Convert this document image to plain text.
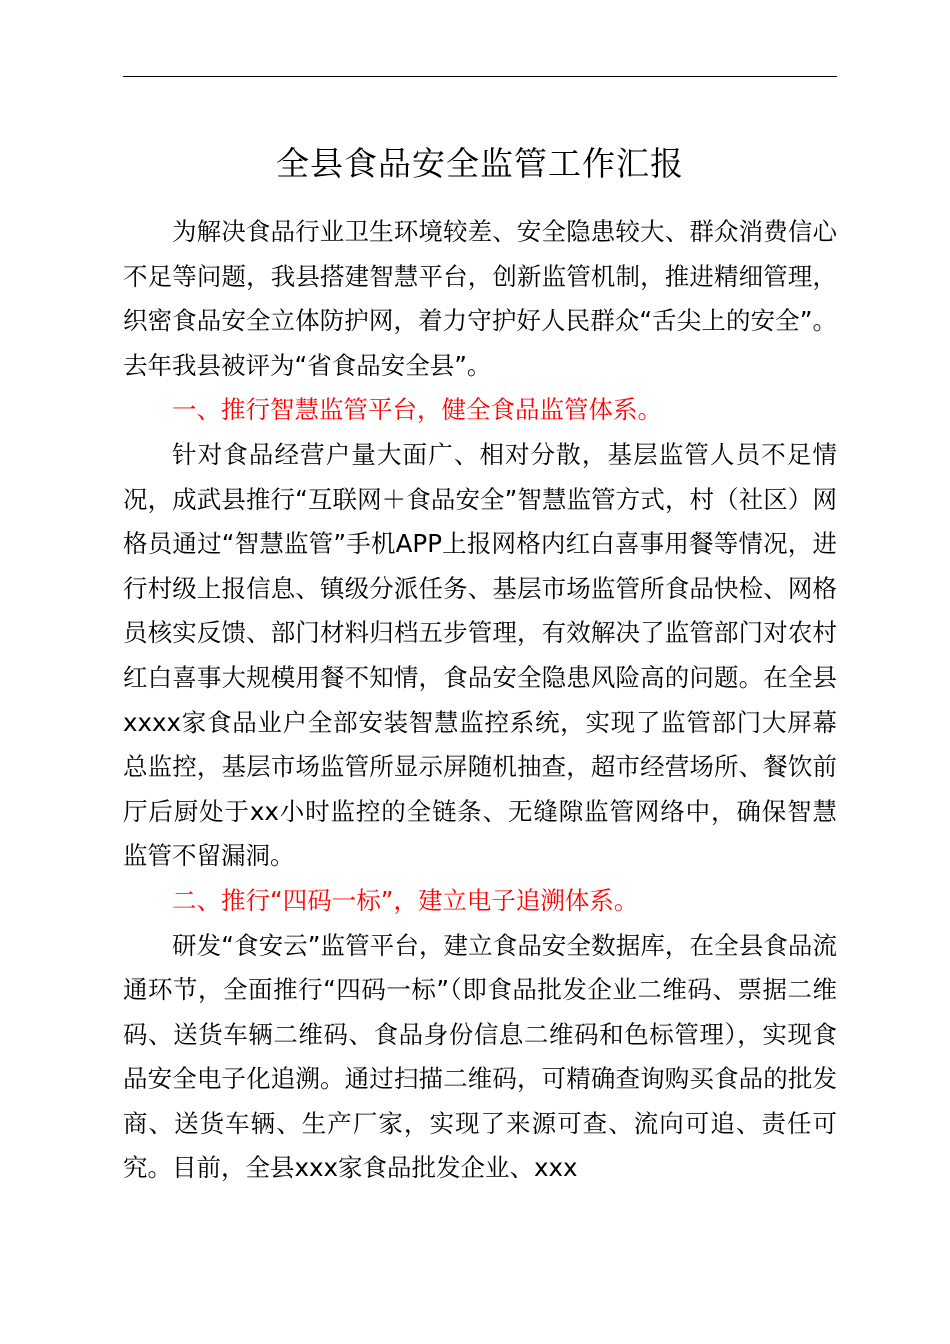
全县食品安全监管工作汇报

为解决食品行业卫生环境较差、安全隐患较大、群众消费信心不足等问题，我县搭建智慧平台，创新监管机制，推进精细管理，织密食品安全立体防护网，着力守护好人民群众“舌尖上的安全”。去年我县被评为“省食品安全县”。

一、推行智慧监管平台，健全食品监管体系。

针对食品经营户量大面广、相对分散，基层监管人员不足情况，成武县推行“互联网＋食品安全”智慧监管方式，村（社区）网格员通过“智慧监管”手机APP上报网格内红白喜事用餐等情况，进行村级上报信息、镇级分派任务、基层市场监管所食品快检、网格员核实反馈、部门材料归档五步管理，有效解决了监管部门对农村红白喜事大规模用餐不知情，食品安全隐患风险高的问题。在全县xxxx家食品业户全部安装智慧监控系统，实现了监管部门大屏幕总监控，基层市场监管所显示屏随机抽查，超市经营场所、餐饮前厅后厨处于xx小时监控的全链条、无缝隙监管网络中，确保智慧监管不留漏洞。

二、推行“四码一标”，建立电子追溯体系。

研发“食安云”监管平台，建立食品安全数据库，在全县食品流通环节，全面推行“四码一标”（即食品批发企业二维码、票据二维码、送货车辆二维码、食品身份信息二维码和色标管理），实现食品安全电子化追溯。通过扫描二维码，可精确查询购买食品的批发商、送货车辆、生产厂家，实现了来源可查、流向可追、责任可究。目前，全县xxx家食品批发企业、xxx
